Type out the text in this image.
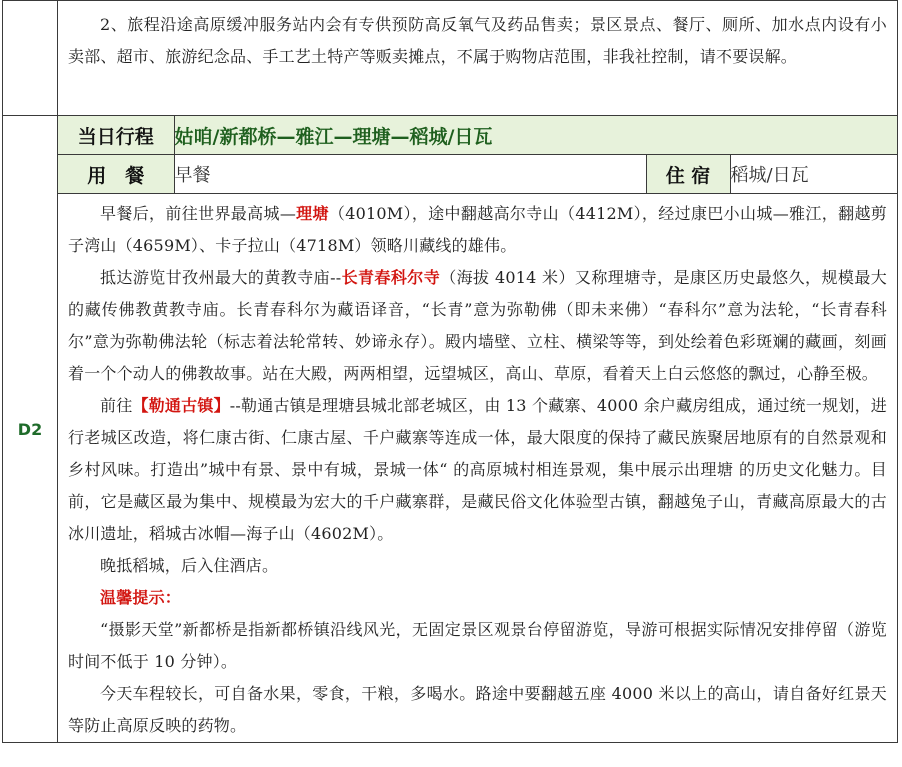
2、旅程沿途高原缓冲服务站内会有专供预防高反氧气及药品售卖；景区景点、餐厅、厕所、加水点内设有小卖部、超市、旅游纪念品、手工艺土特产等贩卖摊点，不属于购物店范围，非我社控制，请不要误解。

D2	
当日行程	姑咱/新都桥—雅江—理塘—稻城/日瓦
用　餐	早餐	住 宿	稻城/日瓦

早餐后，前往世界最高城—理塘（4010M），途中翻越高尔寺山（4412M），经过康巴小山城—雅江，翻越剪子湾山（4659M）、卡子拉山（4718M）领略川藏线的雄伟。

抵达游览甘孜州最大的黄教寺庙--长青春科尔寺（海拔 4014 米）又称理塘寺，是康区历史最悠久，规模最大的藏传佛教黄教寺庙。长青春科尔为藏语译音，“长青”意为弥勒佛（即未来佛）“春科尔”意为法轮，“长青春科尔”意为弥勒佛法轮（标志着法轮常转、妙谛永存）。殿内墙壁、立柱、横梁等等，到处绘着色彩斑斓的藏画，刻画着一个个动人的佛教故事。站在大殿，两两相望，远望城区，高山、草原，看着天上白云悠悠的飘过，心静至极。

前往【勒通古镇】--勒通古镇是理塘县城北部老城区，由 13 个藏寨、4000 余户藏房组成，通过统一规划，进行老城区改造，将仁康古街、仁康古屋、千户藏寨等连成一体，最大限度的保持了藏民族聚居地原有的自然景观和乡村风味。打造出”城中有景、景中有城，景城一体“ 的高原城村相连景观，集中展示出理塘 的历史文化魅力。目前，它是藏区最为集中、规模最为宏大的千户藏寨群，是藏民俗文化体验型古镇，翻越兔子山，青藏高原最大的古冰川遗址，稻城古冰帽—海子山（4602M）。

晚抵稻城，后入住酒店。

温馨提示：

“摄影天堂”新都桥是指新都桥镇沿线风光，无固定景区观景台停留游览，导游可根据实际情况安排停留（游览时间不低于 10 分钟）。

今天车程较长，可自备水果，零食，干粮，多喝水。路途中要翻越五座 4000 米以上的高山，请自备好红景天等防止高原反映的药物。
